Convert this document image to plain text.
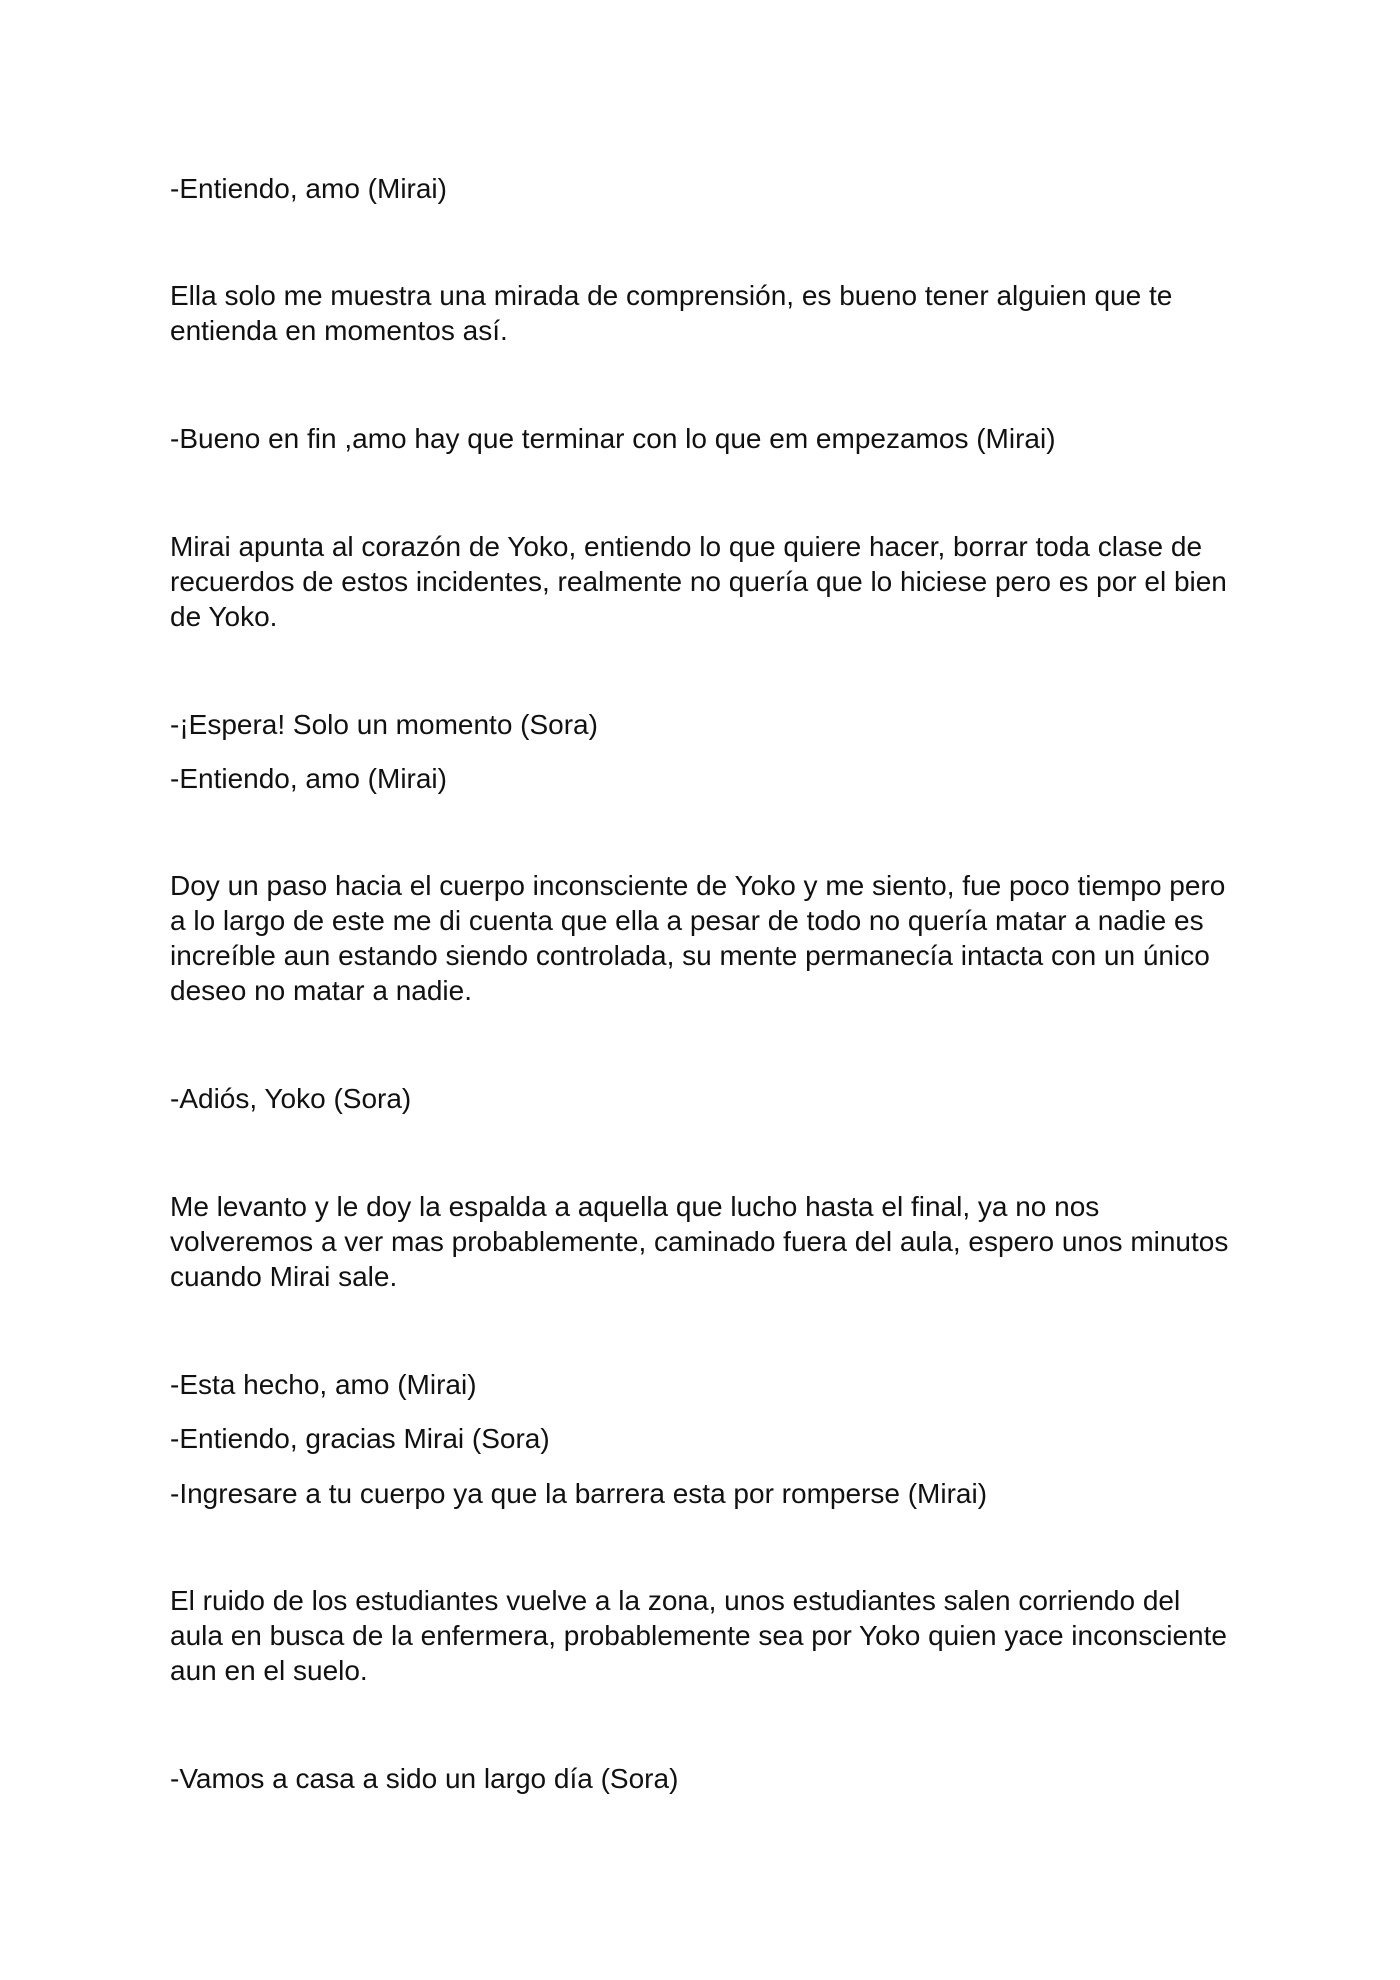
-Entiendo, amo (Mirai)

Ella solo me muestra una mirada de comprensión, es bueno tener alguien que te entienda en momentos así.

-Bueno en fin ,amo hay que terminar con lo que em empezamos (Mirai)

Mirai apunta al corazón de Yoko, entiendo lo que quiere hacer, borrar toda clase de recuerdos de estos incidentes, realmente no quería que lo hiciese pero es por el bien de Yoko.

-¡Espera! Solo un momento (Sora)

-Entiendo, amo (Mirai)

Doy un paso hacia el cuerpo inconsciente de Yoko y me siento, fue poco tiempo pero a lo largo de este me di cuenta que ella a pesar de todo no quería matar a nadie es increíble aun estando siendo controlada, su mente permanecía intacta con un único deseo no matar a nadie.

-Adiós, Yoko (Sora)

Me levanto y le doy la espalda a aquella que lucho hasta el final, ya no nos volveremos a ver mas probablemente, caminado fuera del aula, espero unos minutos cuando Mirai sale.

-Esta hecho, amo (Mirai)

-Entiendo, gracias Mirai (Sora)

-Ingresare a tu cuerpo ya que la barrera esta por romperse (Mirai)

El ruido de los estudiantes vuelve a la zona, unos estudiantes salen corriendo del aula en busca de la enfermera, probablemente sea por Yoko quien yace inconsciente aun en el suelo.

-Vamos a casa a sido un largo día (Sora)
